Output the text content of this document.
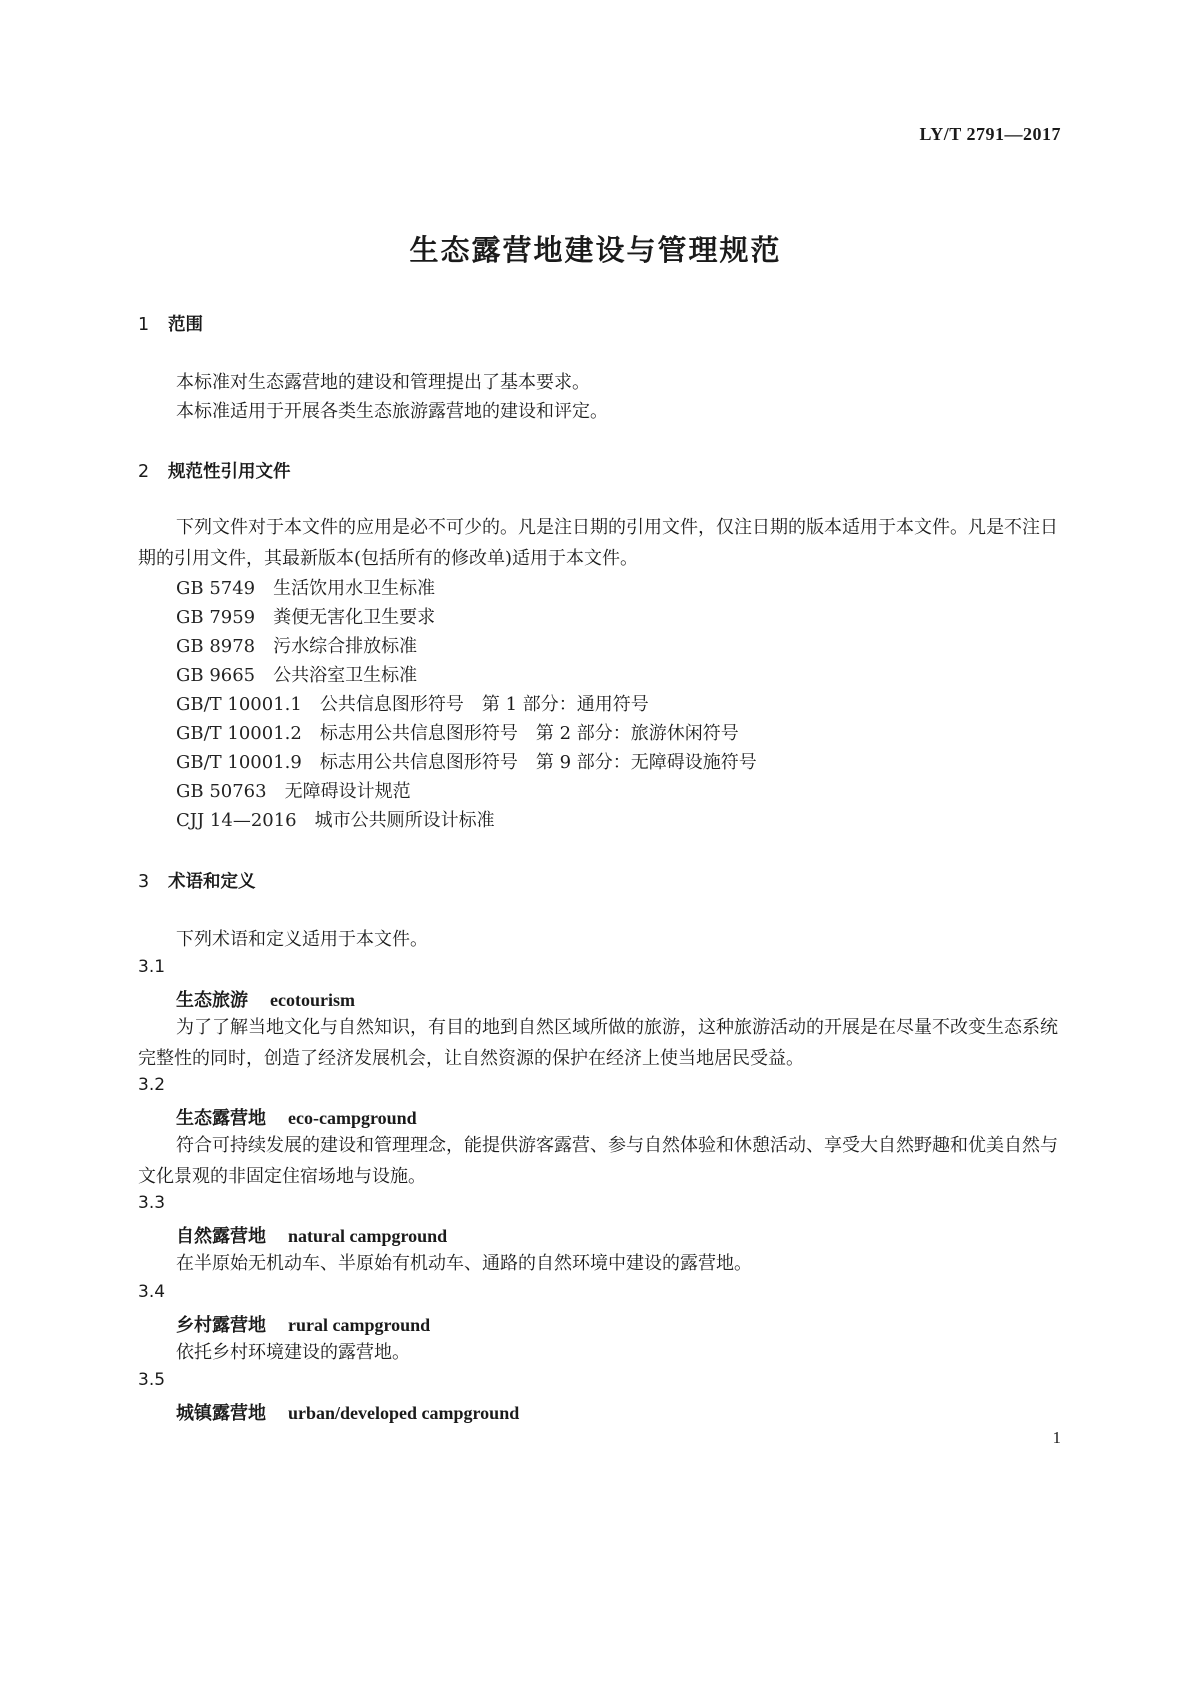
LY/T 2791—2017
生态露营地建设与管理规范
1 范围
本标准对生态露营地的建设和管理提出了基本要求。
本标准适用于开展各类生态旅游露营地的建设和评定。
2 规范性引用文件
下列文件对于本文件的应用是必不可少的。凡是注日期的引用文件，仅注日期的版本适用于本文件。凡是不注日期的引用文件，其最新版本(包括所有的修改单)适用于本文件。
GB 5749 生活饮用水卫生标准
GB 7959 粪便无害化卫生要求
GB 8978 污水综合排放标准
GB 9665 公共浴室卫生标准
GB/T 10001.1 公共信息图形符号　第 1 部分：通用符号
GB/T 10001.2 标志用公共信息图形符号　第 2 部分：旅游休闲符号
GB/T 10001.9 标志用公共信息图形符号　第 9 部分：无障碍设施符号
GB 50763 无障碍设计规范
CJJ 14—2016 城市公共厕所设计标准
3 术语和定义
下列术语和定义适用于本文件。
3.1
生态旅游 ecotourism
为了了解当地文化与自然知识，有目的地到自然区域所做的旅游，这种旅游活动的开展是在尽量不改变生态系统完整性的同时，创造了经济发展机会，让自然资源的保护在经济上使当地居民受益。
3.2
生态露营地 eco-campground
符合可持续发展的建设和管理理念，能提供游客露营、参与自然体验和休憩活动、享受大自然野趣和优美自然与文化景观的非固定住宿场地与设施。
3.3
自然露营地 natural campground
在半原始无机动车、半原始有机动车、通路的自然环境中建设的露营地。
3.4
乡村露营地 rural campground
依托乡村环境建设的露营地。
3.5
城镇露营地 urban/developed campground
1
